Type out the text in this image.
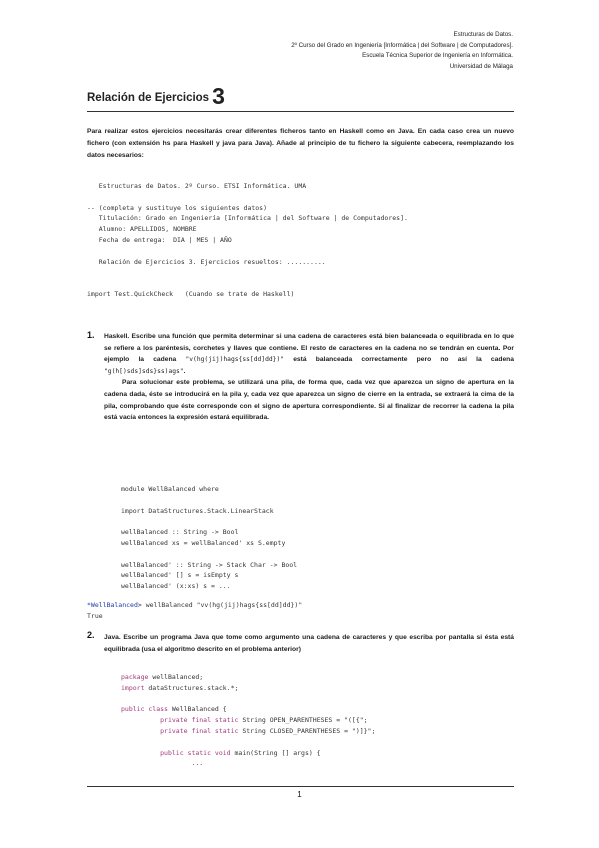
Estructuras de Datos.
2º Curso del Grado en Ingeniería [Informática | del Software | de Computadores].
Escuela Técnica Superior de Ingeniería en Informática.
Universidad de Málaga
Relación de Ejercicios 3
Para realizar estos ejercicios necesitarás crear diferentes ficheros tanto en Haskell como en Java. En cada caso crea un nuevo fichero (con extensión hs para Haskell y java para Java). Añade al principio de tu fichero la siguiente cabecera, reemplazando los datos necesarios:
Estructuras de Datos. 2º Curso. ETSI Informática. UMA

-- (completa y sustituye los siguientes datos)
Titulación: Grado en Ingeniería [Informática | del Software | de Computadores].
Alumno: APELLIDOS, NOMBRE
Fecha de entrega:  DIA | MES | AÑO

Relación de Ejercicios 3. Ejercicios resueltos: ..........

import Test.QuickCheck   (Cuando se trate de Haskell)
1. Haskell. Escribe una función que permita determinar si una cadena de caracteres está bien balanceada o equilibrada en lo que se refiere a los paréntesis, corchetes y llaves que contiene. El resto de caracteres en la cadena no se tendrán en cuenta. Por ejemplo la cadena "v(hg(jij)hags{ss[dd]dd})" está balanceada correctamente pero no así la cadena "g(h[)sds]sds}ss)ags".

Para solucionar este problema, se utilizará una pila, de forma que, cada vez que aparezca un signo de apertura en la cadena dada, éste se introducirá en la pila y, cada vez que aparezca un signo de cierre en la entrada, se extraerá la cima de la pila, comprobando que éste corresponde con el signo de apertura correspondiente. Si al finalizar de recorrer la cadena la pila está vacía entonces la expresión estará equilibrada.

module WellBalanced where

import DataStructures.Stack.LinearStack

wellBalanced :: String -> Bool
wellBalanced xs = wellBalanced' xs S.empty

wellBalanced' :: String -> Stack Char -> Bool
wellBalanced' [] s = isEmpty s
wellBalanced' (x:xs) s = ...
*WellBalanced> wellBalanced "vv(hg(jij)hags{ss[dd]dd})"
True
2. Java. Escribe un programa Java que tome como argumento una cadena de caracteres y que escriba por pantalla si ésta está equilibrada (usa el algoritmo descrito en el problema anterior)

package wellBalanced;
import dataStructures.stack.*;

public class WellBalanced {
private final static String OPEN_PARENTHESES = "([{";
private final static String CLOSED_PARENTHESES = ")]}";

public static void main(String [] args) {
...
1
